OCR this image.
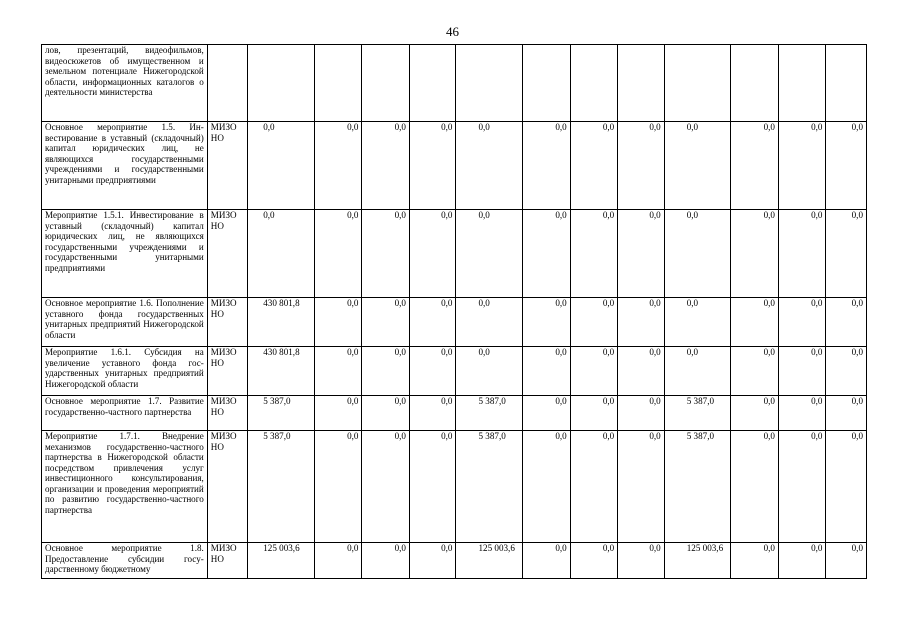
46
лов, презентаций, видеофильмов, видеосюжетов об имущественном и земельном потенциале Нижегородской области, информационных каталогов о деятельности министерства													
Основное мероприятие 1.5. Инвестирование в уставный (складочный) капитал юридических лиц, не являющихся государственными учреждениями и государственными унитарными предприятиями	МИЗО НО	0,0	0,0	0,0	0,0	0,0	0,0	0,0	0,0	0,0	0,0	0,0	0,0
Мероприятие 1.5.1. Инвестирование в уставный (складочный) капитал юридических лиц, не являющихся государственными учреждениями и государственными унитарными предприятиями	МИЗО НО	0,0	0,0	0,0	0,0	0,0	0,0	0,0	0,0	0,0	0,0	0,0	0,0
Основное мероприятие 1.6. Пополнение уставного фонда государственных унитарных предприятий Нижегородской области	МИЗО НО	430 801,8	0,0	0,0	0,0	0,0	0,0	0,0	0,0	0,0	0,0	0,0	0,0
Мероприятие 1.6.1. Субсидия на увеличение уставного фонда государственных унитарных предприятий Нижегородской области	МИЗО НО	430 801,8	0,0	0,0	0,0	0,0	0,0	0,0	0,0	0,0	0,0	0,0	0,0
Основное мероприятие 1.7. Развитие государственно-частного партнерства	МИЗО НО	5 387,0	0,0	0,0	0,0	5 387,0	0,0	0,0	0,0	5 387,0	0,0	0,0	0,0
Мероприятие 1.7.1. Внедрение механизмов государственно-частного партнерства в Нижегородской области посредством привлечения услуг инвестиционного консультирования, организации и проведения мероприятий по развитию государственно-частного партнерства	МИЗО НО	5 387,0	0,0	0,0	0,0	5 387,0	0,0	0,0	0,0	5 387,0	0,0	0,0	0,0
Основное мероприятие 1.8. Предоставление субсидии государственному бюджетному	МИЗО НО	125 003,6	0,0	0,0	0,0	125 003,6	0,0	0,0	0,0	125 003,6	0,0	0,0	0,0
